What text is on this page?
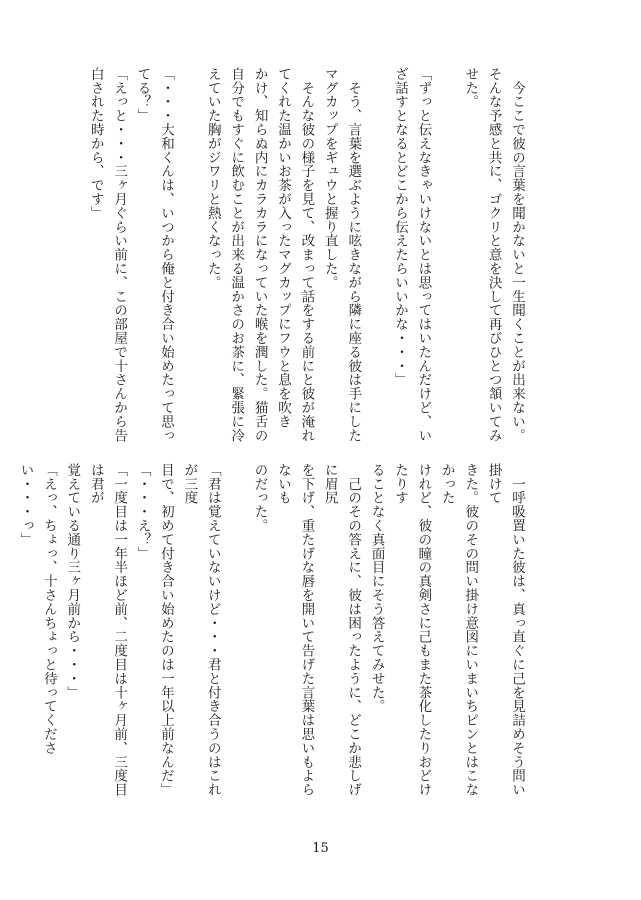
　今ここで彼の言葉を聞かないと一生聞くことが出来ない。

そんな予感と共に、ゴクリと意を決して再びひとつ頷いてみ

せた。

「ずっと伝えなきゃいけないとは思ってはいたんだけど、い

ざ話すとなるとどこから伝えたらいいかな・・・」

　そう、言葉を選ぶように呟きながら隣に座る彼は手にした

マグカップをギュウと握り直した。

　そんな彼の様子を見て、改まって話をする前にと彼が淹れ

てくれた温かいお茶が入ったマグカップにフウと息を吹き

かけ、知らぬ内にカラカラになっていた喉を潤した。猫舌の

自分でもすぐに飲むことが出来る温かさのお茶に、緊張に冷

えていた胸がジワリと熱くなった。

「・・・大和くんは、いつから俺と付き合い始めたって思っ

てる？」

「えっと・・・三ヶ月ぐらい前に、この部屋で十さんから告

白された時から、です」

　一呼吸置いた彼は、真っ直ぐに己を見詰めそう問い掛けて

きた。彼のその問い掛け意図にいまいちピンとはこなかった

けれど、彼の瞳の真剣さに己もまた茶化したりおどけたりす

ることなく真面目にそう答えてみせた。

　己のその答えに、彼は困ったように、どこか悲しげに眉尻

を下げ、重たげな唇を開いて告げた言葉は思いもよらないも

のだった。

「君は覚えていないけど・・・君と付き合うのはこれが三度

目で、初めて付き合い始めたのは一年以上前なんだ」

「・・・え？」

「一度目は一年半ほど前、二度目は十ヶ月前、三度目は君が

覚えている通り三ヶ月前から・・・」

「えっ、ちょっ、十さんちょっと待ってください・・・っ」

15
